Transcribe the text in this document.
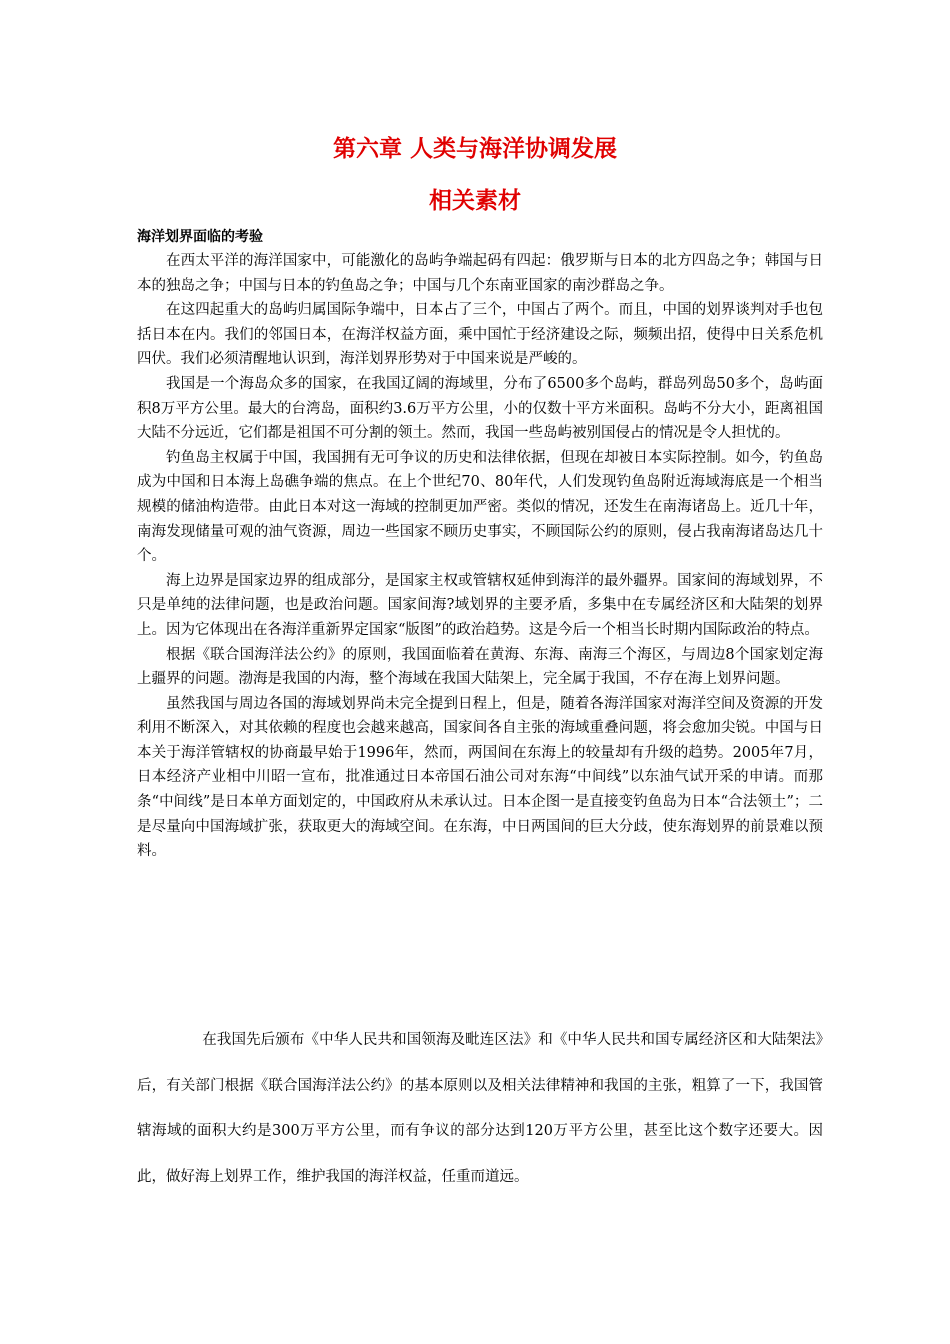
第六章 人类与海洋协调发展
相关素材
海洋划界面临的考验

在西太平洋的海洋国家中，可能激化的岛屿争端起码有四起：俄罗斯与日本的北方四岛之争；韩国与日本的独岛之争；中国与日本的钓鱼岛之争；中国与几个东南亚国家的南沙群岛之争。

在这四起重大的岛屿归属国际争端中，日本占了三个，中国占了两个。而且，中国的划界谈判对手也包括日本在内。我们的邻国日本，在海洋权益方面，乘中国忙于经济建设之际，频频出招，使得中日关系危机四伏。我们必须清醒地认识到，海洋划界形势对于中国来说是严峻的。

我国是一个海岛众多的国家，在我国辽阔的海域里，分布了6500多个岛屿，群岛列岛50多个，岛屿面积8万平方公里。最大的台湾岛，面积约3.6万平方公里，小的仅数十平方米面积。岛屿不分大小，距离祖国大陆不分远近，它们都是祖国不可分割的领土。然而，我国一些岛屿被别国侵占的情况是令人担忧的。

钓鱼岛主权属于中国，我国拥有无可争议的历史和法律依据，但现在却被日本实际控制。如今，钓鱼岛成为中国和日本海上岛礁争端的焦点。在上个世纪70、80年代，人们发现钓鱼岛附近海域海底是一个相当规模的储油构造带。由此日本对这一海域的控制更加严密。类似的情况，还发生在南海诸岛上。近几十年，南海发现储量可观的油气资源，周边一些国家不顾历史事实，不顾国际公约的原则，侵占我南海诸岛达几十个。

海上边界是国家边界的组成部分，是国家主权或管辖权延伸到海洋的最外疆界。国家间的海域划界，不只是单纯的法律问题，也是政治问题。国家间海?域划界的主要矛盾，多集中在专属经济区和大陆架的划界上。因为它体现出在各海洋重新界定国家“版图”的政治趋势。这是今后一个相当长时期内国际政治的特点。

根据《联合国海洋法公约》的原则，我国面临着在黄海、东海、南海三个海区，与周边8个国家划定海上疆界的问题。渤海是我国的内海，整个海域在我国大陆架上，完全属于我国，不存在海上划界问题。

虽然我国与周边各国的海域划界尚未完全提到日程上，但是，随着各海洋国家对海洋空间及资源的开发利用不断深入，对其依赖的程度也会越来越高，国家间各自主张的海域重叠问题，将会愈加尖锐。中国与日本关于海洋管辖权的协商最早始于1996年，然而，两国间在东海上的较量却有升级的趋势。2005年7月，日本经济产业相中川昭一宣布，批准通过日本帝国石油公司对东海“中间线”以东油气试开采的申请。而那条“中间线”是日本单方面划定的，中国政府从未承认过。日本企图一是直接变钓鱼岛为日本“合法领土”；二是尽量向中国海域扩张，获取更大的海域空间。在东海，中日两国间的巨大分歧，使东海划界的前景难以预料。

在我国先后颁布《中华人民共和国领海及毗连区法》和《中华人民共和国专属经济区和大陆架法》后，有关部门根据《联合国海洋法公约》的基本原则以及相关法律精神和我国的主张，粗算了一下，我国管辖海域的面积大约是300万平方公里，而有争议的部分达到120万平方公里，甚至比这个数字还要大。因此，做好海上划界工作，维护我国的海洋权益，任重而道远。
